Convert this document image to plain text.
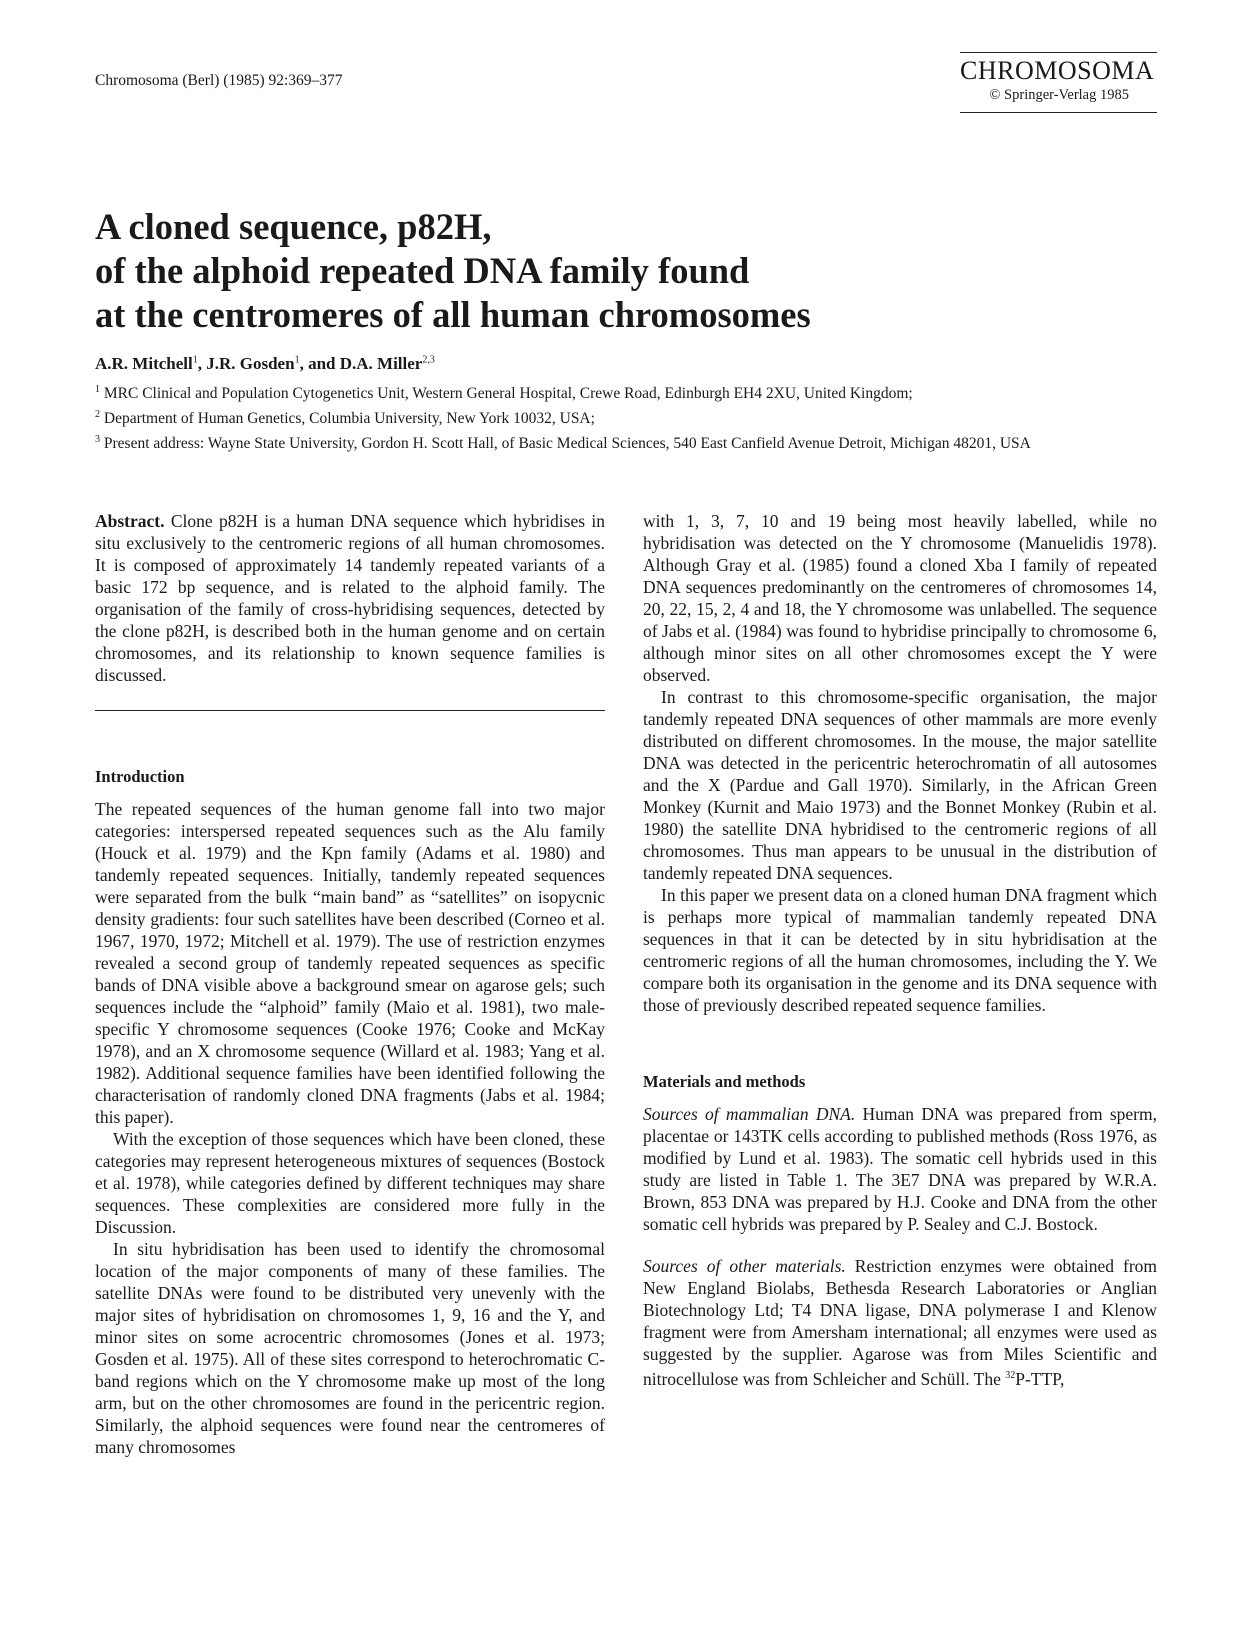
Chromosoma (Berl) (1985) 92:369–377	CHROMOSOMA
© Springer-Verlag 1985
A cloned sequence, p82H,
of the alphoid repeated DNA family found
at the centromeres of all human chromosomes
A.R. Mitchell$^1$, J.R. Gosden$^1$, and D.A. Miller$^{2,3}$

$^1$ MRC Clinical and Population Cytogenetics Unit, Western General Hospital, Crewe Road, Edinburgh EH4 2XU, United Kingdom;

$^2$ Department of Human Genetics, Columbia University, New York 10032, USA;

$^3$ Present address: Wayne State University, Gordon H. Scott Hall, of Basic Medical Sciences, 540 East Canfield Avenue Detroit, Michigan 48201, USA

Abstract. Clone p82H is a human DNA sequence which hybridises in situ exclusively to the centromeric regions of all human chromosomes. It is composed of approximately 14 tandemly repeated variants of a basic 172 bp sequence, and is related to the alphoid family. The organisation of the family of cross-hybridising sequences, detected by the clone p82H, is described both in the human genome and on certain chromosomes, and its relationship to known sequence families is discussed.

Introduction

The repeated sequences of the human genome fall into two major categories: interspersed repeated sequences such as the Alu family (Houck et al. 1979) and the Kpn family (Adams et al. 1980) and tandemly repeated sequences. Initially, tandemly repeated sequences were separated from the bulk “main band” as “satellites” on isopycnic density gradients: four such satellites have been described (Corneo et al. 1967, 1970, 1972; Mitchell et al. 1979). The use of restriction enzymes revealed a second group of tandemly repeated sequences as specific bands of DNA visible above a background smear on agarose gels; such sequences include the “alphoid” family (Maio et al. 1981), two male-specific Y chromosome sequences (Cooke 1976; Cooke and McKay 1978), and an X chromosome sequence (Willard et al. 1983; Yang et al. 1982). Additional sequence families have been identified following the characterisation of randomly cloned DNA fragments (Jabs et al. 1984; this paper).

With the exception of those sequences which have been cloned, these categories may represent heterogeneous mixtures of sequences (Bostock et al. 1978), while categories defined by different techniques may share sequences. These complexities are considered more fully in the Discussion.

In situ hybridisation has been used to identify the chromosomal location of the major components of many of these families. The satellite DNAs were found to be distributed very unevenly with the major sites of hybridisation on chromosomes 1, 9, 16 and the Y, and minor sites on some acrocentric chromosomes (Jones et al. 1973; Gosden et al. 1975). All of these sites correspond to heterochromatic C-band regions which on the Y chromosome make up most of the long arm, but on the other chromosomes are found in the pericentric region. Similarly, the alphoid sequences were found near the centromeres of many chromosomes

with 1, 3, 7, 10 and 19 being most heavily labelled, while no hybridisation was detected on the Y chromosome (Manuelidis 1978). Although Gray et al. (1985) found a cloned Xba I family of repeated DNA sequences predominantly on the centromeres of chromosomes 14, 20, 22, 15, 2, 4 and 18, the Y chromosome was unlabelled. The sequence of Jabs et al. (1984) was found to hybridise principally to chromosome 6, although minor sites on all other chromosomes except the Y were observed.

In contrast to this chromosome-specific organisation, the major tandemly repeated DNA sequences of other mammals are more evenly distributed on different chromosomes. In the mouse, the major satellite DNA was detected in the pericentric heterochromatin of all autosomes and the X (Pardue and Gall 1970). Similarly, in the African Green Monkey (Kurnit and Maio 1973) and the Bonnet Monkey (Rubin et al. 1980) the satellite DNA hybridised to the centromeric regions of all chromosomes. Thus man appears to be unusual in the distribution of tandemly repeated DNA sequences.

In this paper we present data on a cloned human DNA fragment which is perhaps more typical of mammalian tandemly repeated DNA sequences in that it can be detected by in situ hybridisation at the centromeric regions of all the human chromosomes, including the Y. We compare both its organisation in the genome and its DNA sequence with those of previously described repeated sequence families.

Materials and methods

Sources of mammalian DNA. Human DNA was prepared from sperm, placentae or 143TK cells according to published methods (Ross 1976, as modified by Lund et al. 1983). The somatic cell hybrids used in this study are listed in Table 1. The 3E7 DNA was prepared by W.R.A. Brown, 853 DNA was prepared by H.J. Cooke and DNA from the other somatic cell hybrids was prepared by P. Sealey and C.J. Bostock.

Sources of other materials. Restriction enzymes were obtained from New England Biolabs, Bethesda Research Laboratories or Anglian Biotechnology Ltd; T4 DNA ligase, DNA polymerase I and Klenow fragment were from Amersham international; all enzymes were used as suggested by the supplier. Agarose was from Miles Scientific and nitrocellulose was from Schleicher and Schüll. The $^{32}$P-TTP,
